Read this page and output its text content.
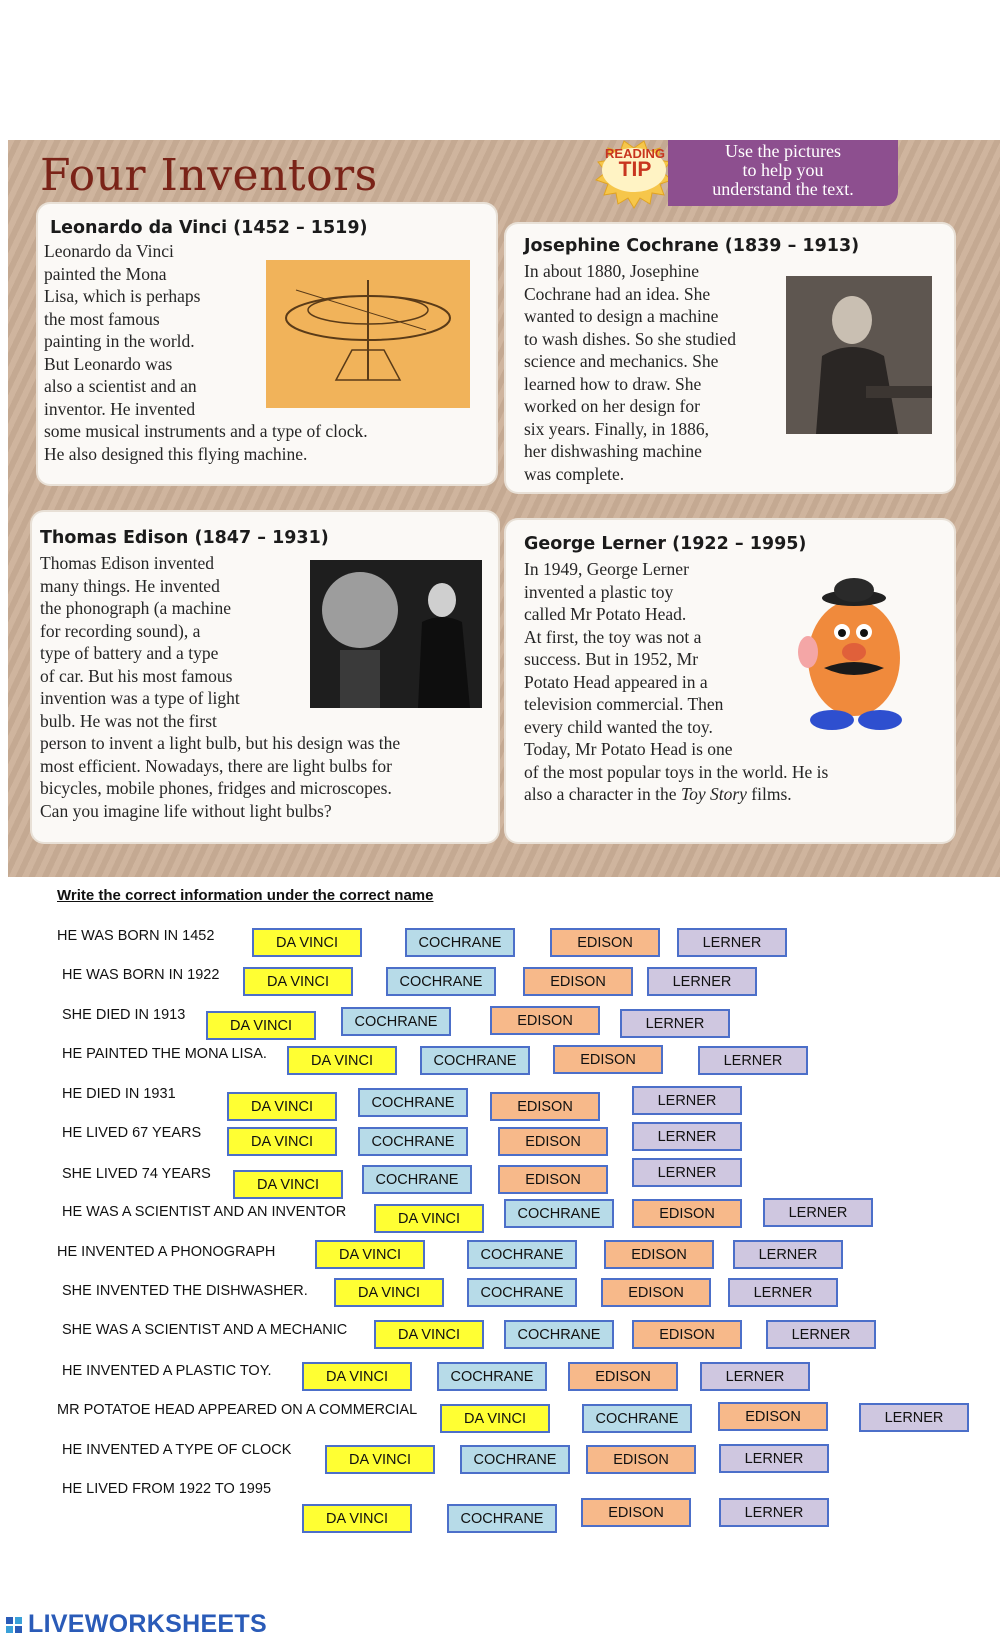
Four Inventors	READING
TIP
Use the pictures
to help you
understand the text.
Leonardo da Vinci (1452 – 1519)
Leonardo da Vinci
painted the Mona
Lisa, which is perhaps
the most famous
painting in the world.
But Leonardo was
also a scientist and an
inventor. He invented
some musical instruments and a type of clock.
He also designed this flying machine.
Josephine Cochrane (1839 – 1913)
In about 1880, Josephine
Cochrane had an idea. She
wanted to design a machine
to wash dishes. So she studied
science and mechanics. She
learned how to draw. She
worked on her design for
six years. Finally, in 1886,
her dishwashing machine
was complete.
Thomas Edison (1847 – 1931)
Thomas Edison invented
many things. He invented
the phonograph (a machine
for recording sound), a
type of battery and a type
of car. But his most famous
invention was a type of light
bulb. He was not the first
person to invent a light bulb, but his design was the
most efficient. Nowadays, there are light bulbs for
bicycles, mobile phones, fridges and microscopes.
Can you imagine life without light bulbs?
George Lerner (1922 – 1995)
In 1949, George Lerner
invented a plastic toy
called Mr Potato Head.
At first, the toy was not a
success. But in 1952, Mr
Potato Head appeared in a
television commercial. Then
every child wanted the toy.
Today, Mr Potato Head is one
of the most popular toys in the world. He is
also a character in the Toy Story films.
Write the correct information under the correct name
HE WAS BORN IN 1452	DA VINCI	COCHRANE	EDISON	LERNER
HE WAS BORN IN 1922	DA VINCI	COCHRANE	EDISON	LERNER
SHE DIED IN 1913
DA VINCI	COCHRANE	EDISON	LERNER
HE PAINTED THE MONA LISA.	DA VINCI	COCHRANE	EDISON	LERNER
HE DIED IN 1931
DA VINCI	COCHRANE	EDISON	LERNER
HE LIVED 67 YEARS
DA VINCI	COCHRANE	EDISON	LERNER
SHE LIVED 74 YEARS
DA VINCI	COCHRANE	EDISON	LERNER
HE WAS A SCIENTIST AND AN INVENTOR	DA VINCI	COCHRANE	EDISON	LERNER
HE INVENTED A PHONOGRAPH	DA VINCI	COCHRANE	EDISON	LERNER
SHE INVENTED THE DISHWASHER.	DA VINCI	COCHRANE	EDISON	LERNER
SHE WAS A SCIENTIST AND A MECHANIC	DA VINCI	COCHRANE	EDISON	LERNER
HE INVENTED A PLASTIC TOY.	DA VINCI	COCHRANE	EDISON	LERNER
MR POTATOE HEAD APPEARED ON A COMMERCIAL
DA VINCI	COCHRANE	EDISON	LERNER
HE INVENTED A TYPE OF CLOCK
DA VINCI	COCHRANE	EDISON	LERNER
HE LIVED FROM 1922 TO 1995
DA VINCI	COCHRANE	EDISON	LERNER
LIVEWORKSHEETS
